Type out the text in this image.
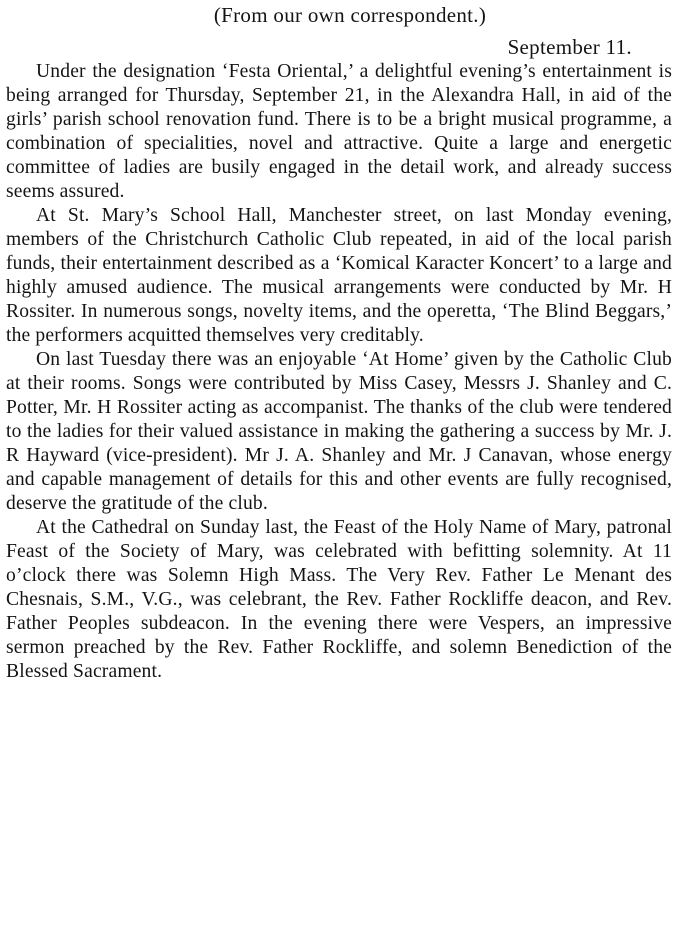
(From our own correspondent.)

September 11.

Under the designation ‘Festa Oriental,’ a delightful evening’s entertainment is being arranged for Thursday, September 21, in the Alexandra Hall, in aid of the girls’ parish school renovation fund. There is to be a bright musical programme, a combination of specialities, novel and attractive. Quite a large and energetic committee of ladies are busily engaged in the detail work, and already success seems assured.

At St. Mary’s School Hall, Manchester street, on last Monday evening, members of the Christchurch Catholic Club repeated, in aid of the local parish funds, their entertainment described as a ‘Komical Karacter Koncert’ to a large and highly amused audience. The musical arrangements were conducted by Mr. H Rossiter. In numerous songs, novelty items, and the operetta, ‘The Blind Beggars,’ the performers acquitted themselves very creditably.

On last Tuesday there was an enjoyable ‘At Home’ given by the Catholic Club at their rooms. Songs were contributed by Miss Casey, Messrs J. Shanley and C. Potter, Mr. H Rossiter acting as accompanist. The thanks of the club were tendered to the ladies for their valued assistance in making the gathering a success by Mr. J. R Hayward (vice-president). Mr J. A. Shanley and Mr. J Canavan, whose energy and capable management of details for this and other events are fully recognised, deserve the gratitude of the club.

At the Cathedral on Sunday last, the Feast of the Holy Name of Mary, patronal Feast of the Society of Mary, was celebrated with befitting solemnity. At 11 o’clock there was Solemn High Mass. The Very Rev. Father Le Menant des Chesnais, S.M., V.G., was celebrant, the Rev. Father Rockliffe deacon, and Rev. Father Peoples subdeacon. In the evening there were Vespers, an impressive sermon preached by the Rev. Father Rockliffe, and solemn Benediction of the Blessed Sacrament.
